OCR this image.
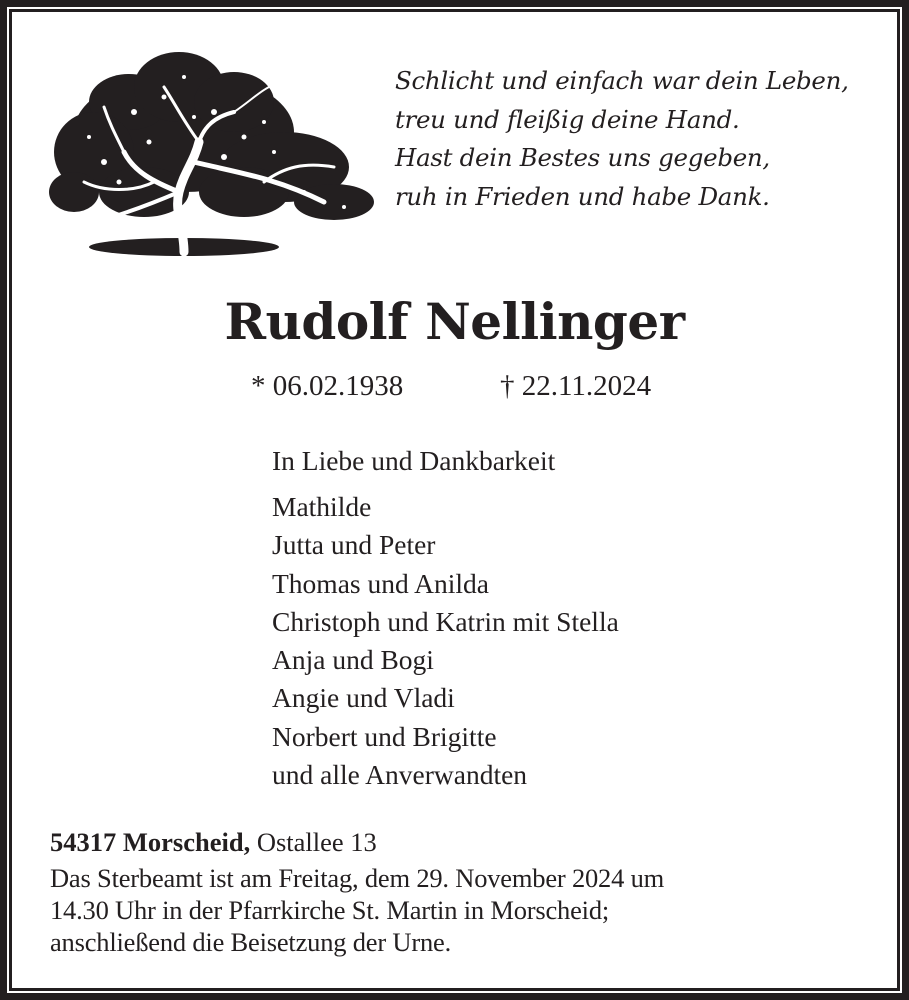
Schlicht und einfach war dein Leben,
treu und fleißig deine Hand.
Hast dein Bestes uns gegeben,
ruh in Frieden und habe Dank.
Rudolf Nellinger
* 06.02.1938	† 22.11.2024
In Liebe und Dankbarkeit
Mathilde
Jutta und Peter
Thomas und Anilda
Christoph und Katrin mit Stella
Anja und Bogi
Angie und Vladi
Norbert und Brigitte
und alle Anverwandten
54317 Morscheid, Ostallee 13
Das Sterbeamt ist am Freitag, dem 29. November 2024 um
14.30 Uhr in der Pfarrkirche St. Martin in Morscheid;
anschließend die Beisetzung der Urne.
